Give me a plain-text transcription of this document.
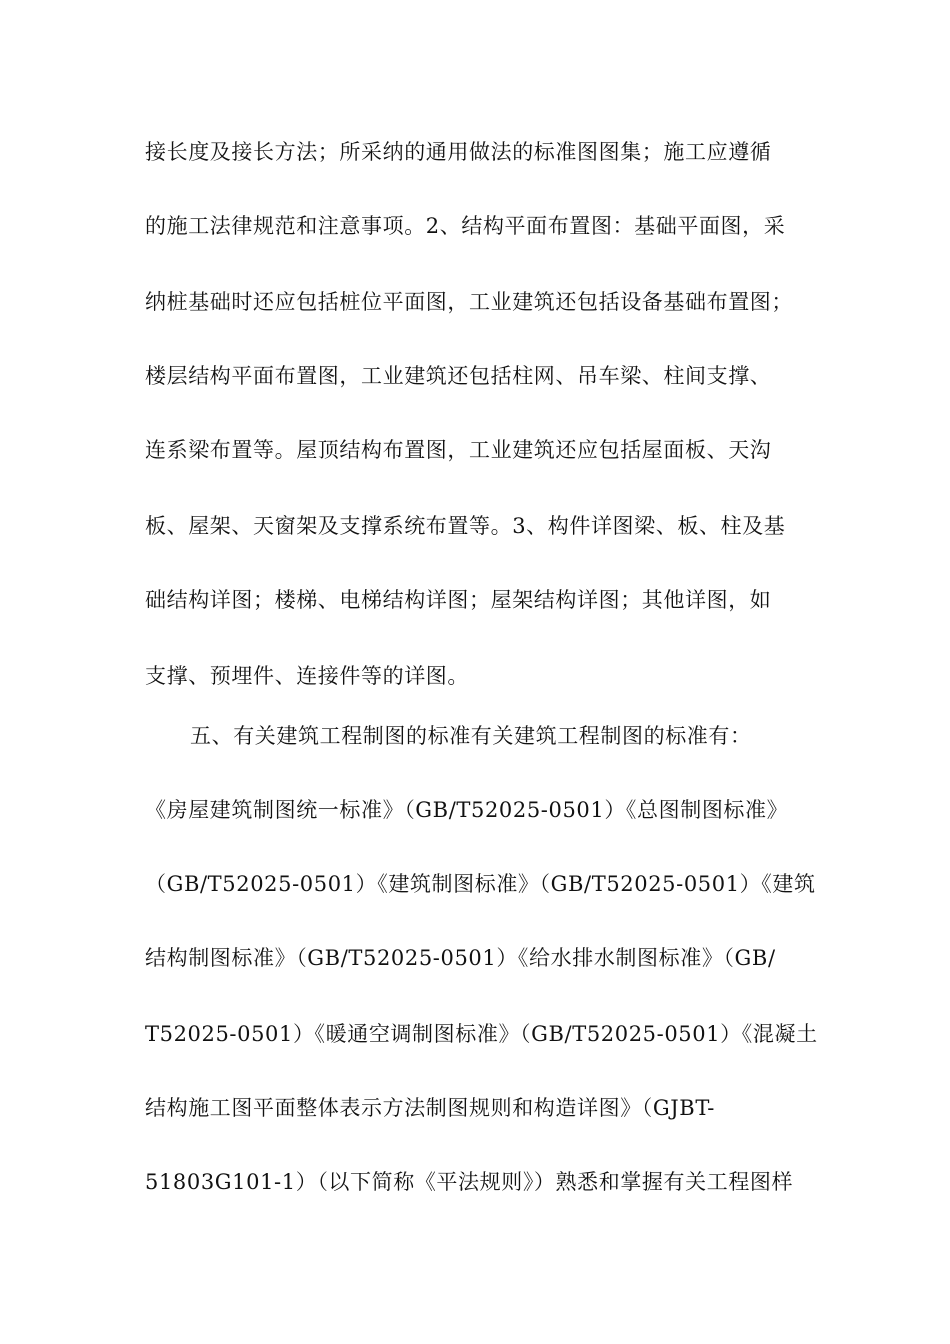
接长度及接长方法；所采纳的通用做法的标准图图集；施工应遵循
的施工法律规范和注意事项。2、结构平面布置图：基础平面图，采
纳桩基础时还应包括桩位平面图，工业建筑还包括设备基础布置图；
楼层结构平面布置图，工业建筑还包括柱网、吊车梁、柱间支撑、
连系梁布置等。屋顶结构布置图，工业建筑还应包括屋面板、天沟
板、屋架、天窗架及支撑系统布置等。3、构件详图梁、板、柱及基
础结构详图；楼梯、电梯结构详图；屋架结构详图；其他详图，如
支撑、预埋件、连接件等的详图。
五、有关建筑工程制图的标准有关建筑工程制图的标准有：
《房屋建筑制图统一标准》（GB/T52025-0501）《总图制图标准》
（GB/T52025-0501）《建筑制图标准》（GB/T52025-0501）《建筑
结构制图标准》（GB/T52025-0501）《给水排水制图标准》（GB/
T52025-0501）《暖通空调制图标准》（GB/T52025-0501）《混凝土
结构施工图平面整体表示方法制图规则和构造详图》（GJBT-
51803G101-1）（以下简称《平法规则》）熟悉和掌握有关工程图样
